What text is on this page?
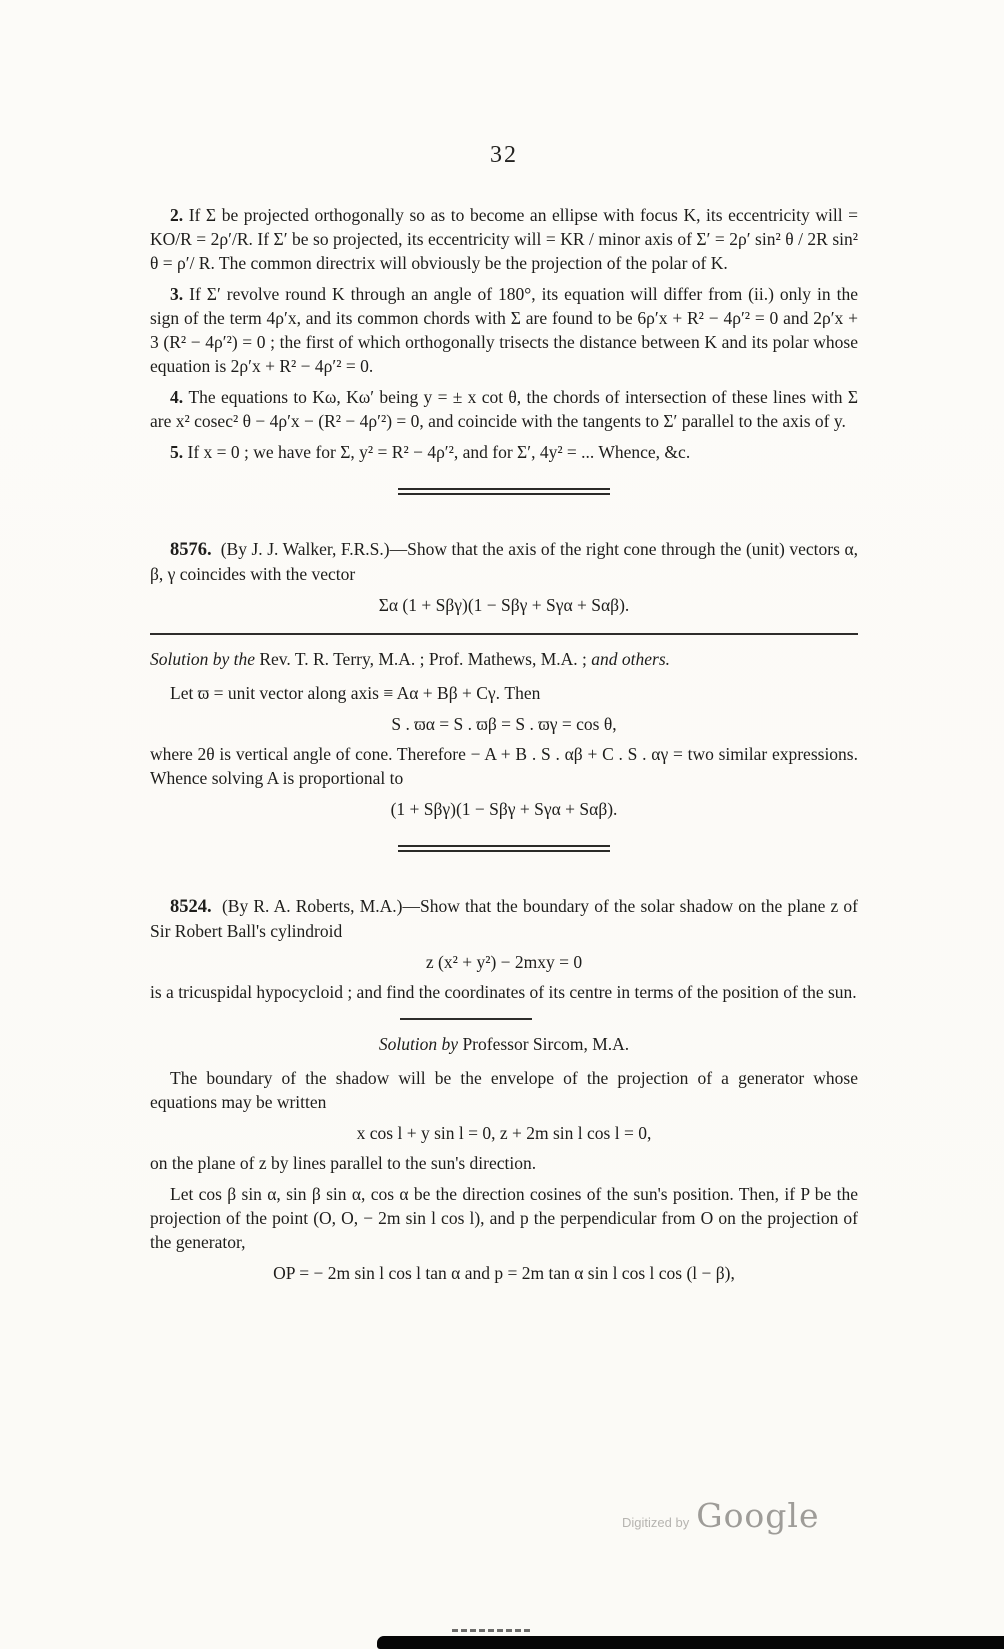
32

2. If Σ be projected orthogonally so as to become an ellipse with focus K, its eccentricity will = KO/R = 2ρ′/R. If Σ′ be so projected, its eccentricity will = KR / minor axis of Σ′ = 2ρ′ sin² θ / 2R sin² θ = ρ′/ R. The common directrix will obviously be the projection of the polar of K.

3. If Σ′ revolve round K through an angle of 180°, its equation will differ from (ii.) only in the sign of the term 4ρ′x, and its common chords with Σ are found to be 6ρ′x + R² − 4ρ′² = 0 and 2ρ′x + 3 (R² − 4ρ′²) = 0 ; the first of which orthogonally trisects the distance between K and its polar whose equation is 2ρ′x + R² − 4ρ′² = 0.

4. The equations to Kω, Kω′ being y = ± x cot θ, the chords of intersection of these lines with Σ are x² cosec² θ − 4ρ′x − (R² − 4ρ′²) = 0, and coincide with the tangents to Σ′ parallel to the axis of y.

5. If x = 0 ; we have for Σ, y² = R² − 4ρ′², and for Σ′, 4y² = ... Whence, &c.

8576. (By J. J. Walker, F.R.S.)—Show that the axis of the right cone through the (unit) vectors α, β, γ coincides with the vector

Σα (1 + Sβγ)(1 − Sβγ + Sγα + Sαβ).

Solution by the Rev. T. R. Terry, M.A. ; Prof. Mathews, M.A. ; and others.

Let ϖ = unit vector along axis ≡ Aα + Bβ + Cγ. Then

S . ϖα = S . ϖβ = S . ϖγ = cos θ,

where 2θ is vertical angle of cone. Therefore − A + B . S . αβ + C . S . αγ = two similar expressions. Whence solving A is proportional to

(1 + Sβγ)(1 − Sβγ + Sγα + Sαβ).

8524. (By R. A. Roberts, M.A.)—Show that the boundary of the solar shadow on the plane z of Sir Robert Ball's cylindroid

z (x² + y²) − 2mxy = 0

is a tricuspidal hypocycloid ; and find the coordinates of its centre in terms of the position of the sun.

Solution by Professor Sircom, M.A.

The boundary of the shadow will be the envelope of the projection of a generator whose equations may be written

x cos l + y sin l = 0, z + 2m sin l cos l = 0,

on the plane of z by lines parallel to the sun's direction.

Let cos β sin α, sin β sin α, cos α be the direction cosines of the sun's position. Then, if P be the projection of the point (O, O, − 2m sin l cos l), and p the perpendicular from O on the projection of the generator,

OP = − 2m sin l cos l tan α and p = 2m tan α sin l cos l cos (l − β),

Digitized by Google
